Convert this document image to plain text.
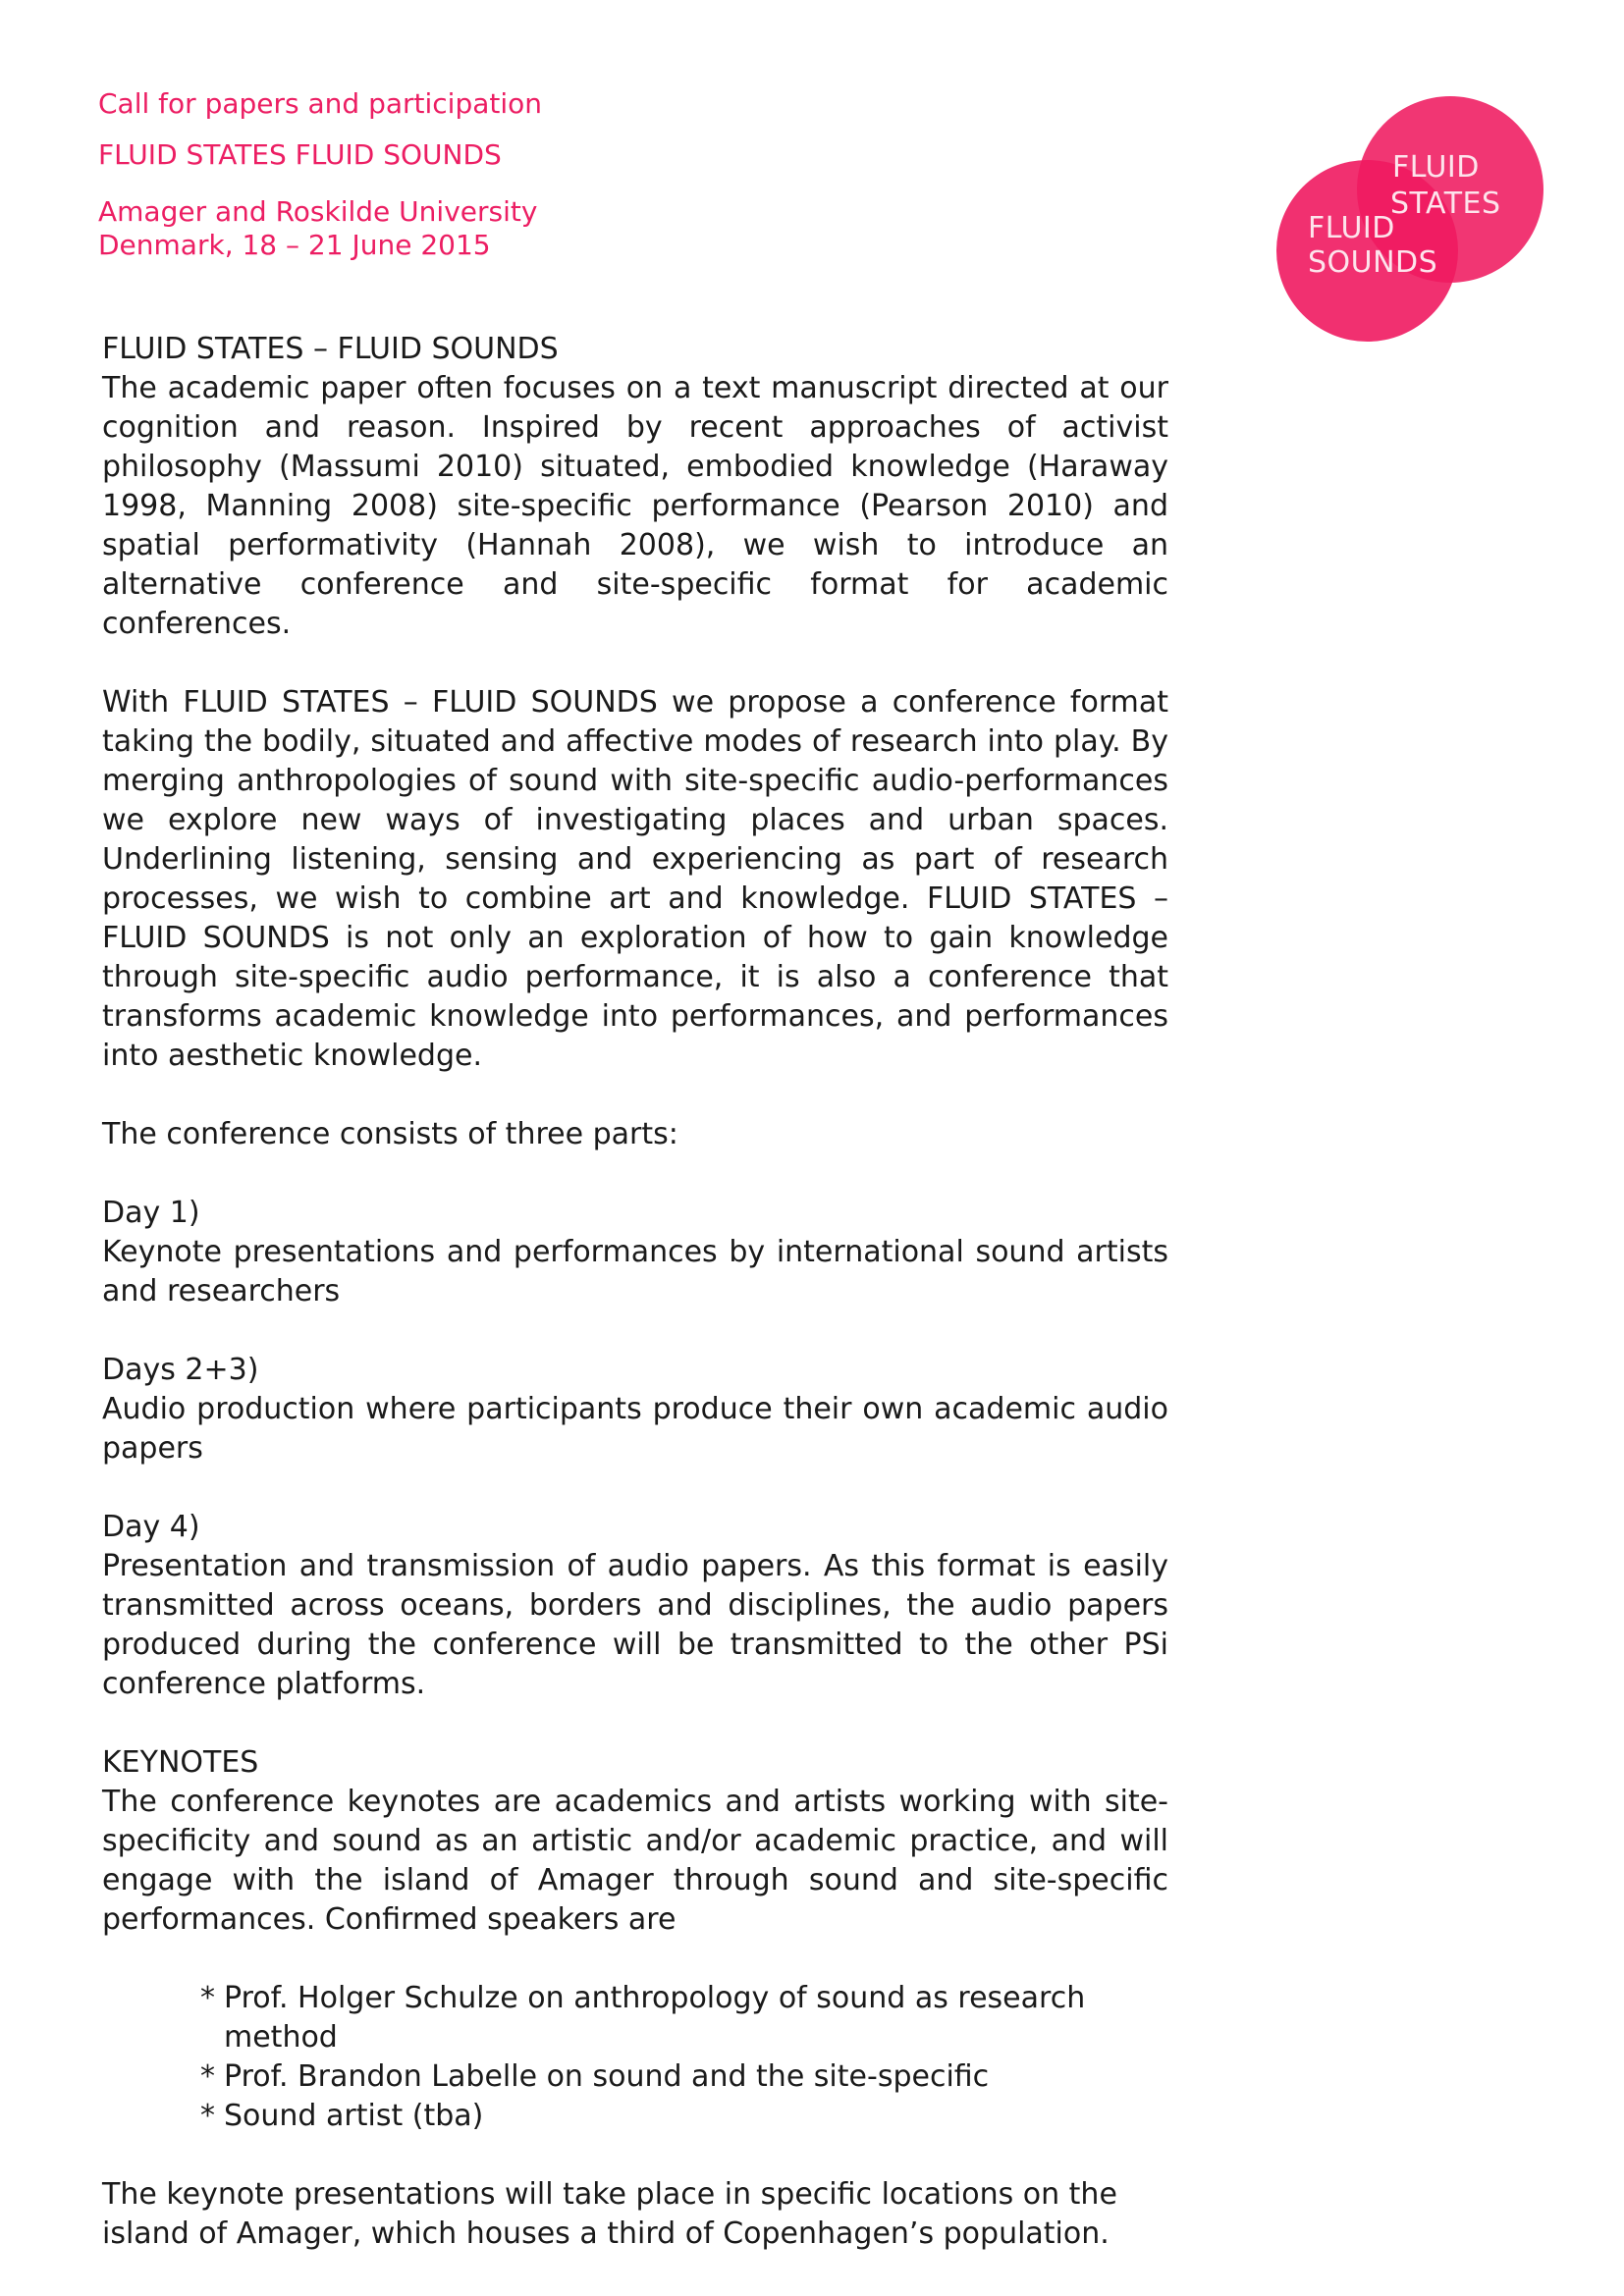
Call for papers and participation
FLUID STATES FLUID SOUNDS
Amager and Roskilde University
Denmark, 18 – 21 June 2015
FLUID
STATES
FLUID
SOUNDS

FLUID STATES – FLUID SOUNDS
The academic paper often focuses on a text manuscript directed at our cognition and reason. Inspired by recent approaches of activist philosophy (Massumi 2010) situated, embodied knowledge (Haraway 1998, Manning 2008) site-specific performance (Pearson 2010) and spatial performativity (Hannah 2008), we wish to introduce an alternative conference and site-specific format for academic conferences.

With FLUID STATES – FLUID SOUNDS we propose a conference format taking the bodily, situated and affective modes of research into play. By merging anthropologies of sound with site-specific audio-performances we explore new ways of investigating places and urban spaces. Underlining listening, sensing and experiencing as part of research processes, we wish to combine art and knowledge. FLUID STATES – FLUID SOUNDS is not only an exploration of how to gain knowledge through site-specific audio performance, it is also a conference that transforms academic knowledge into performances, and performances into aesthetic knowledge.

The conference consists of three parts:

Day 1)
Keynote presentations and performances by international sound artists and researchers

Days 2+3)
Audio production where participants produce their own academic audio papers

Day 4)
Presentation and transmission of audio papers. As this format is easily transmitted across oceans, borders and disciplines, the audio papers produced during the conference will be transmitted to the other PSi conference platforms.

KEYNOTES
The conference keynotes are academics and artists working with site-specificity and sound as an artistic and/or academic practice, and will engage with the island of Amager through sound and site-specific performances. Confirmed speakers are

* Prof. Holger Schulze on anthropology of sound as research method
* Prof. Brandon Labelle on sound and the site-specific
* Sound artist (tba)

The keynote presentations will take place in specific locations on the island of Amager, which houses a third of Copenhagen’s population.
